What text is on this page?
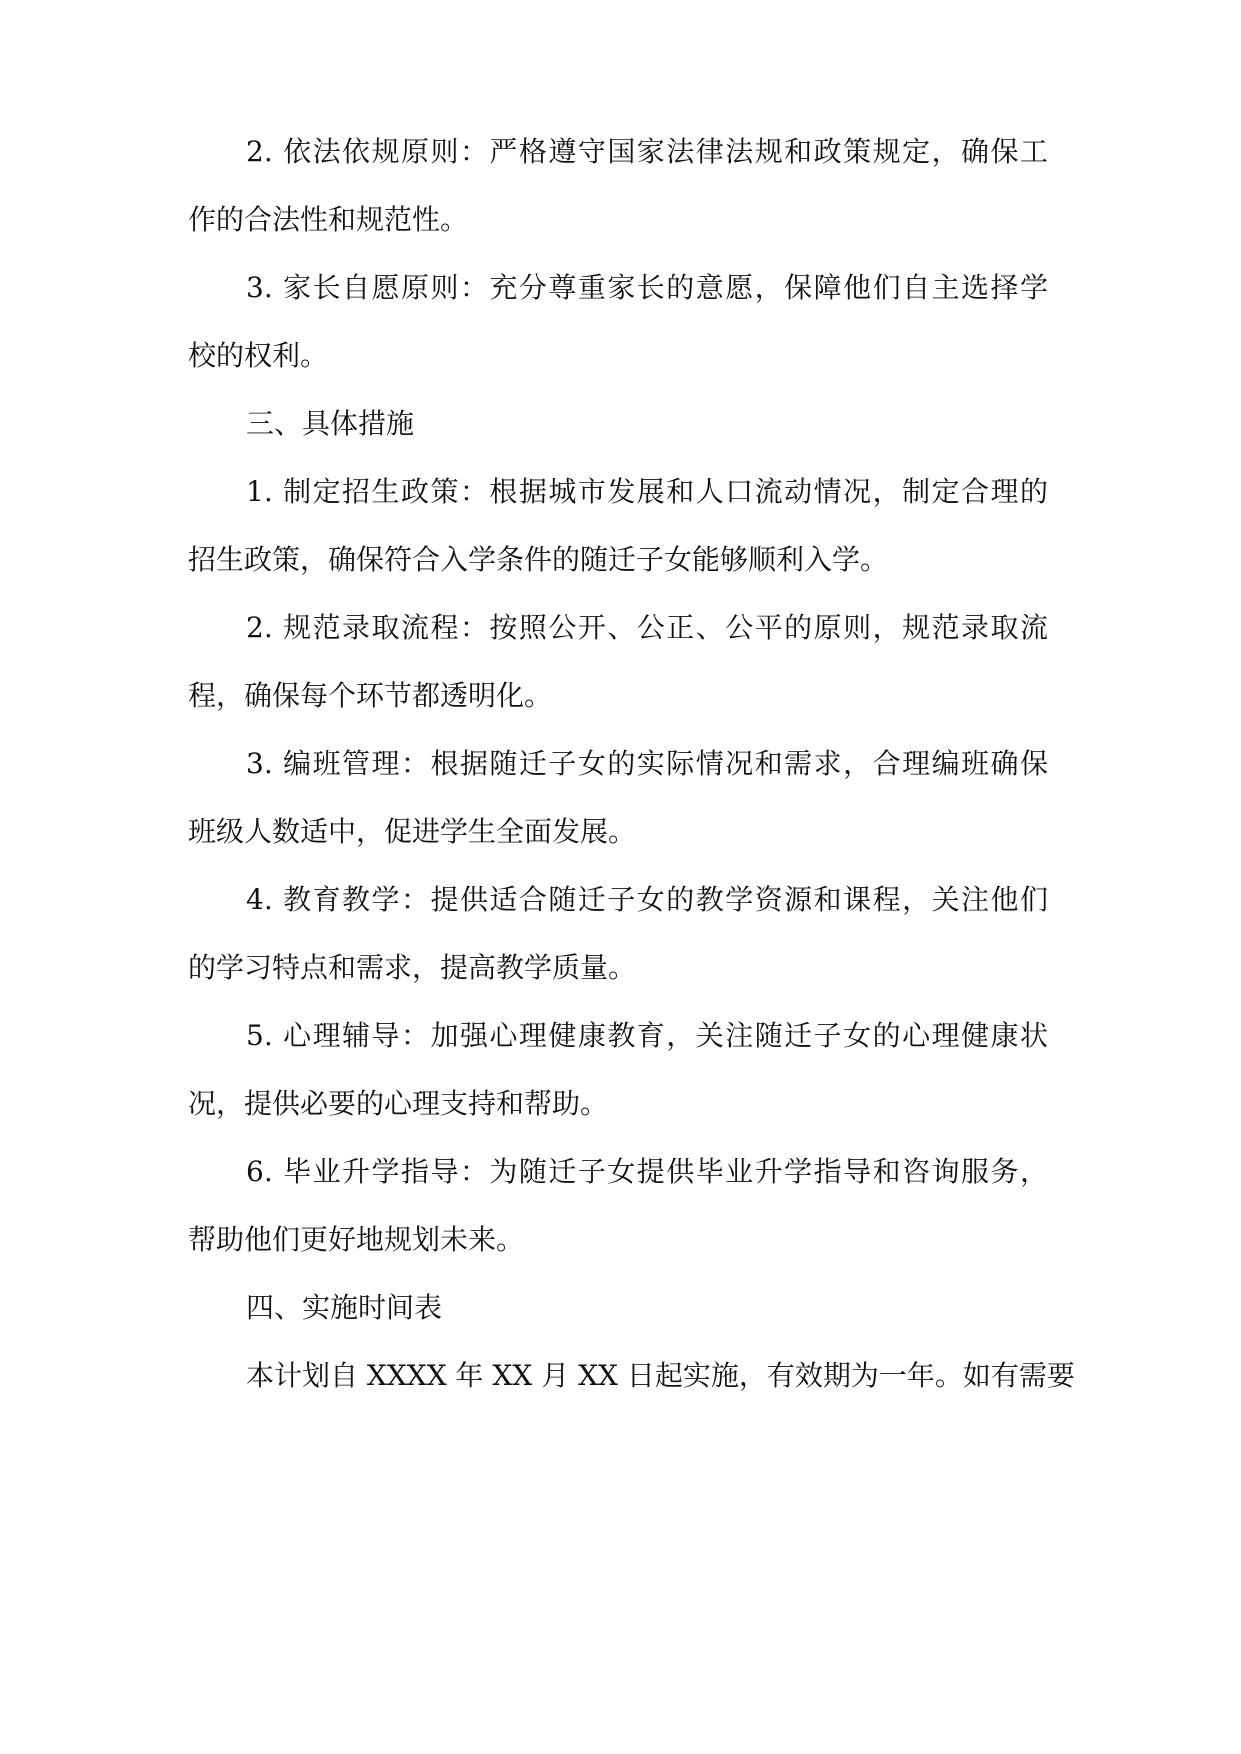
2. 依法依规原则：严格遵守国家法律法规和政策规定，确保工
作的合法性和规范性。
3. 家长自愿原则：充分尊重家长的意愿，保障他们自主选择学
校的权利。
三、具体措施
1. 制定招生政策：根据城市发展和人口流动情况，制定合理的
招生政策，确保符合入学条件的随迁子女能够顺利入学。
2. 规范录取流程：按照公开、公正、公平的原则，规范录取流
程，确保每个环节都透明化。
3. 编班管理：根据随迁子女的实际情况和需求，合理编班确保
班级人数适中，促进学生全面发展。
4. 教育教学：提供适合随迁子女的教学资源和课程，关注他们
的学习特点和需求，提高教学质量。
5. 心理辅导：加强心理健康教育，关注随迁子女的心理健康状
况，提供必要的心理支持和帮助。
6. 毕业升学指导：为随迁子女提供毕业升学指导和咨询服务，
帮助他们更好地规划未来。
四、实施时间表
本计划自 XXXX 年 XX 月 XX 日起实施，有效期为一年。如有需要
